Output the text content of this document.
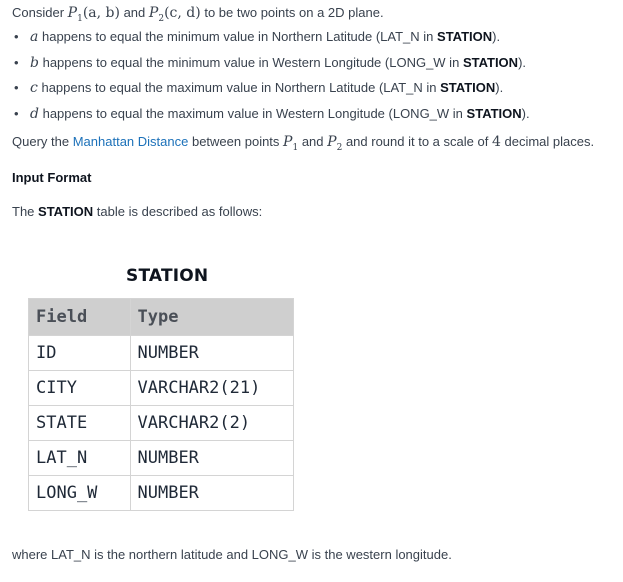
Consider $P_1(a$, b) and $P_2(c$, d) to be two points on a 2D plane.
• a happens to equal the minimum value in Northern Latitude (LAT_N in STATION).
• b happens to equal the minimum value in Western Longitude (LONG_W in STATION).
• c happens to equal the maximum value in Northern Latitude (LAT_N in STATION).
• d happens to equal the maximum value in Western Longitude (LONG_W in STATION).
Query the Manhattan Distance between points $P_1$ and $P_2$ and round it to a scale of 4 decimal places.
Input Format
The STATION table is described as follows:
STATION
Field	Type
ID	NUMBER
CITY	VARCHAR2(21)
STATE	VARCHAR2(2)
LAT_N	NUMBER
LONG_W	NUMBER
where LAT_N is the northern latitude and LONG_W is the western longitude.
